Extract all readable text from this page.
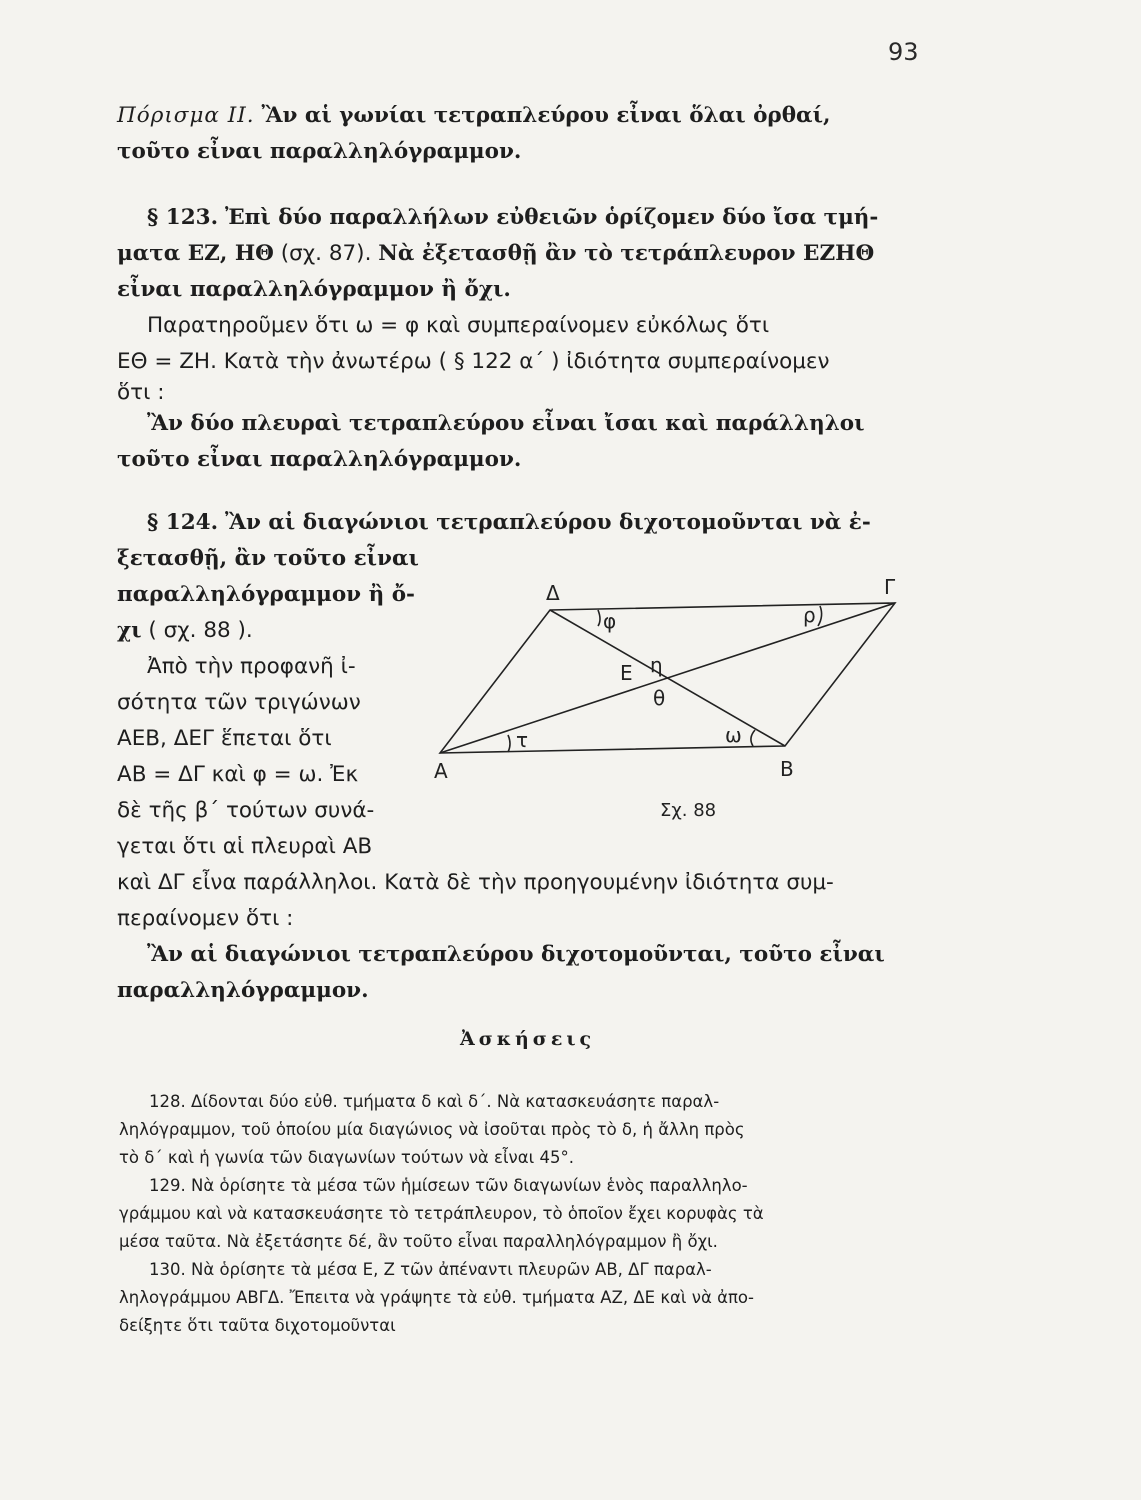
93
Πόρισμα II. Ἂν αἱ γωνίαι τετραπλεύρου εἶναι ὅλαι ὀρθαί,
τοῦτο εἶναι παραλληλόγραμμον.
§ 123. Ἐπὶ δύο παραλλήλων εὐθειῶν ὁρίζομεν δύο ἴσα τμή-
ματα ΕΖ, ΗΘ (σχ. 87). Νὰ ἐξετασθῇ ἂν τὸ τετράπλευρον ΕΖΗΘ
εἶναι παραλληλόγραμμον ἢ ὄχι.
Παρατηροῦμεν ὅτι ω = φ καὶ συμπεραίνομεν εὐκόλως ὅτι
ΕΘ = ΖΗ. Κατὰ τὴν ἀνωτέρω ( § 122 α΄ ) ἰδιότητα συμπεραίνομεν
ὅτι :
Ἂν δύο πλευραὶ τετραπλεύρου εἶναι ἴσαι καὶ παράλληλοι
τοῦτο εἶναι παραλληλόγραμμον.
§ 124. Ἂν αἱ διαγώνιοι τετραπλεύρου διχοτομοῦνται νὰ ἐ-
ξετασθῇ, ἂν τοῦτο εἶναι
παραλληλόγραμμον ἢ ὄ-
χι ( σχ. 88 ).
Ἀπὸ τὴν προφανῆ ἰ-
σότητα τῶν τριγώνων
ΑΕΒ, ΔΕΓ ἕπεται ὅτι
ΑΒ = ΔΓ καὶ φ = ω. Ἐκ
δὲ τῆς β΄ τούτων συνά-
γεται ὅτι αἱ πλευραὶ ΑΒ
καὶ ΔΓ εἶνα παράλληλοι. Κατὰ δὲ τὴν προηγουμένην ἰδιότητα συμ-
περαίνομεν ὅτι :
Ἂν αἱ διαγώνιοι τετραπλεύρου διχοτομοῦνται, τοῦτο εἶναι
παραλληλόγραμμον.
Δ	Γ
Α	Β
Ε
φ	ρ
η
θ
τ	ω
Σχ. 88
Ἀσκήσεις
128. Δίδονται δύο εὐθ. τμήματα δ καὶ δ΄. Νὰ κατασκευάσητε παραλ-
ληλόγραμμον, τοῦ ὁποίου μία διαγώνιος νὰ ἰσοῦται πρὸς τὸ δ, ἡ ἄλλη πρὸς
τὸ δ΄ καὶ ἡ γωνία τῶν διαγωνίων τούτων νὰ εἶναι 45°.
129. Νὰ ὁρίσητε τὰ μέσα τῶν ἡμίσεων τῶν διαγωνίων ἑνὸς παραλληλο-
γράμμου καὶ νὰ κατασκευάσητε τὸ τετράπλευρον, τὸ ὁποῖον ἔχει κορυφὰς τὰ
μέσα ταῦτα. Νὰ ἐξετάσητε δέ, ἂν τοῦτο εἶναι παραλληλόγραμμον ἢ ὄχι.
130. Νὰ ὁρίσητε τὰ μέσα Ε, Ζ τῶν ἀπέναντι πλευρῶν ΑΒ, ΔΓ παραλ-
ληλογράμμου ΑΒΓΔ. Ἔπειτα νὰ γράψητε τὰ εὐθ. τμήματα ΑΖ, ΔΕ καὶ νὰ ἀπο-
δείξητε ὅτι ταῦτα διχοτομοῦνται
